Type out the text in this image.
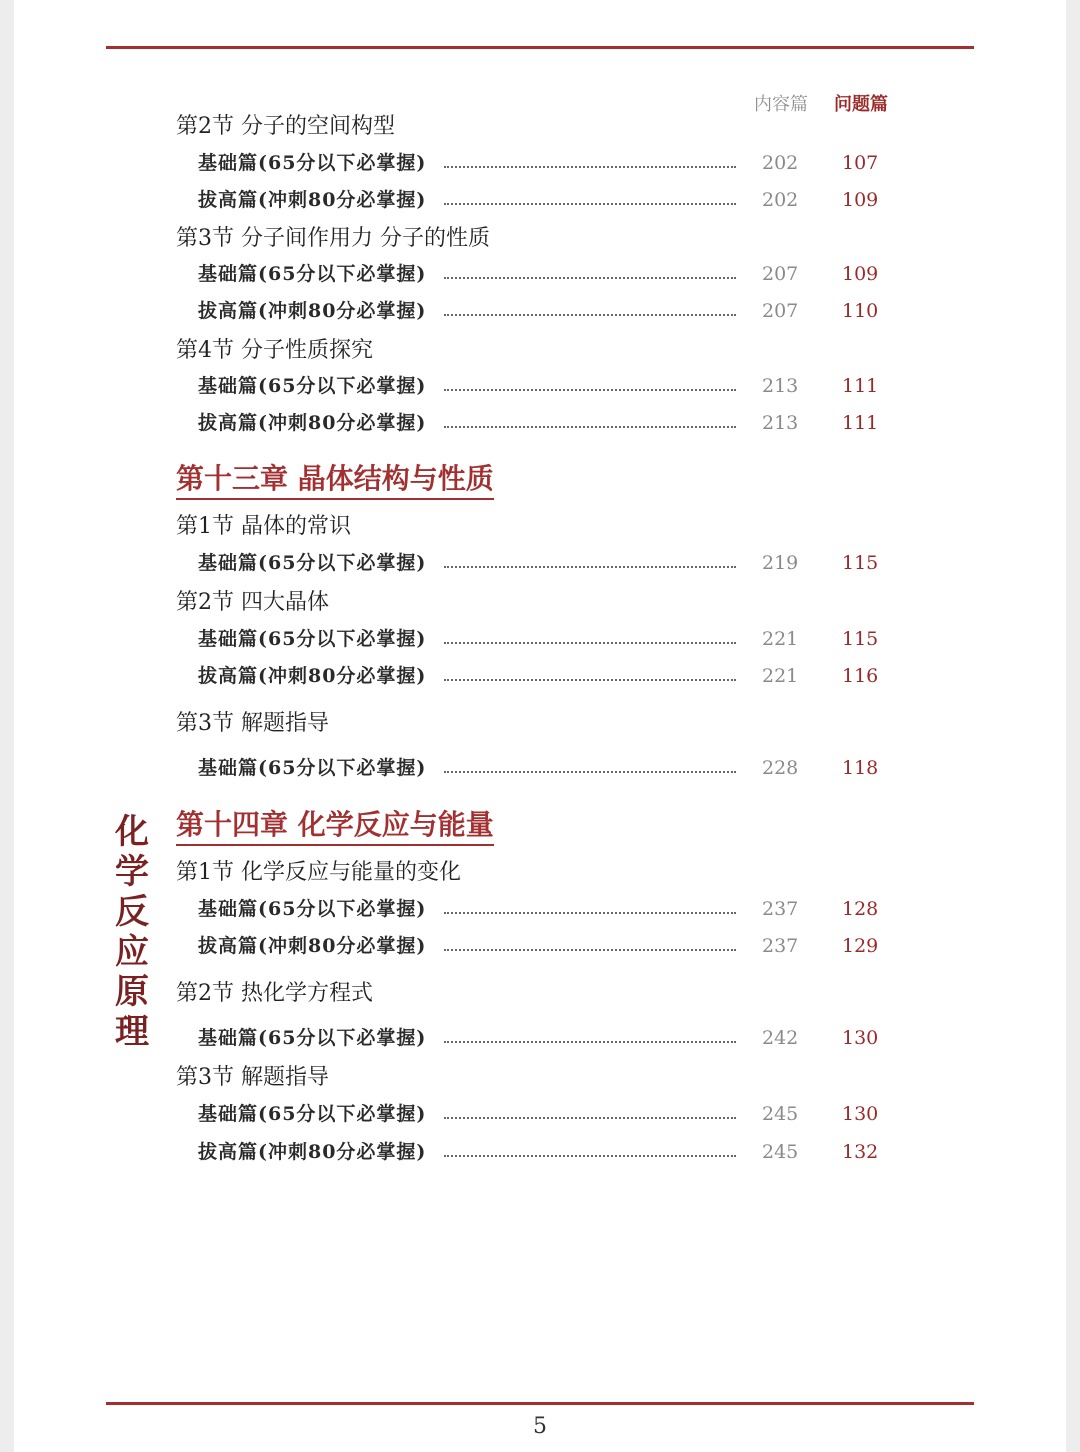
内容篇 问题篇
化学反应原理
第2节 分子的空间构型
基础篇(65分以下必掌握)	202 107
拔高篇(冲刺80分必掌握)	202 109
第3节 分子间作用力 分子的性质
基础篇(65分以下必掌握)	207 109
拔高篇(冲刺80分必掌握)	207 110
第4节 分子性质探究
基础篇(65分以下必掌握)	213 111
拔高篇(冲刺80分必掌握)	213 111
第十三章 晶体结构与性质
第1节 晶体的常识
基础篇(65分以下必掌握)	219 115
第2节 四大晶体
基础篇(65分以下必掌握)	221 115
拔高篇(冲刺80分必掌握)	221 116
第3节 解题指导
基础篇(65分以下必掌握)	228 118
第十四章 化学反应与能量
第1节 化学反应与能量的变化
基础篇(65分以下必掌握)	237 128
拔高篇(冲刺80分必掌握)	237 129
第2节 热化学方程式
基础篇(65分以下必掌握)	242 130
第3节 解题指导
基础篇(65分以下必掌握)	245 130
拔高篇(冲刺80分必掌握)	245 132
5
